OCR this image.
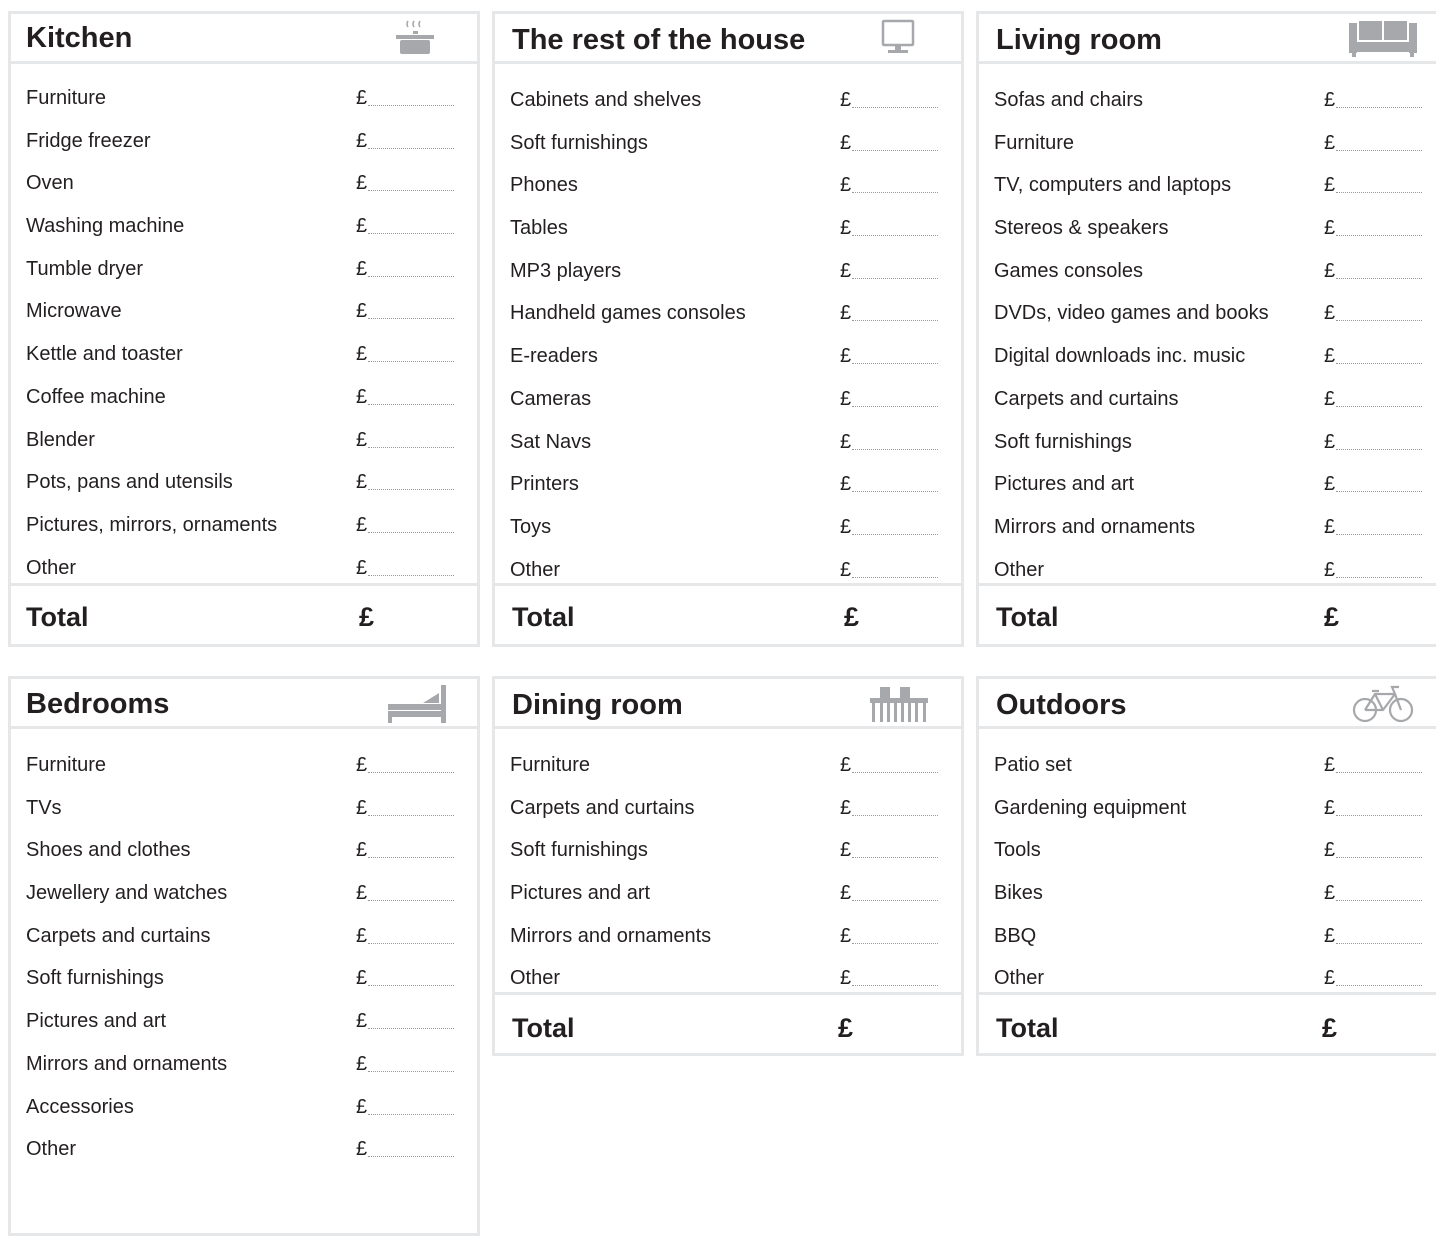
Kitchen
Furniture	£
Fridge freezer	£
Oven	£
Washing machine	£
Tumble dryer	£
Microwave	£
Kettle and toaster	£
Coffee machine	£
Blender	£
Pots, pans and utensils	£
Pictures, mirrors, ornaments	£
Other	£
Total	£
The rest of the house
Cabinets and shelves	£
Soft furnishings	£
Phones	£
Tables	£
MP3 players	£
Handheld games consoles	£
E-readers	£
Cameras	£
Sat Navs	£
Printers	£
Toys	£
Other	£
Total	£
Living room
Sofas and chairs	£
Furniture	£
TV, computers and laptops	£
Stereos & speakers	£
Games consoles	£
DVDs, video games and books	£
Digital downloads inc. music	£
Carpets and curtains	£
Soft furnishings	£
Pictures and art	£
Mirrors and ornaments	£
Other	£
Total	£
Bedrooms
Furniture	£
TVs	£
Shoes and clothes	£
Jewellery and watches	£
Carpets and curtains	£
Soft furnishings	£
Pictures and art	£
Mirrors and ornaments	£
Accessories	£
Other	£
Dining room
Furniture	£
Carpets and curtains	£
Soft furnishings	£
Pictures and art	£
Mirrors and ornaments	£
Other	£
Total	£
Outdoors
Patio set	£
Gardening equipment	£
Tools	£
Bikes	£
BBQ	£
Other	£
Total	£
